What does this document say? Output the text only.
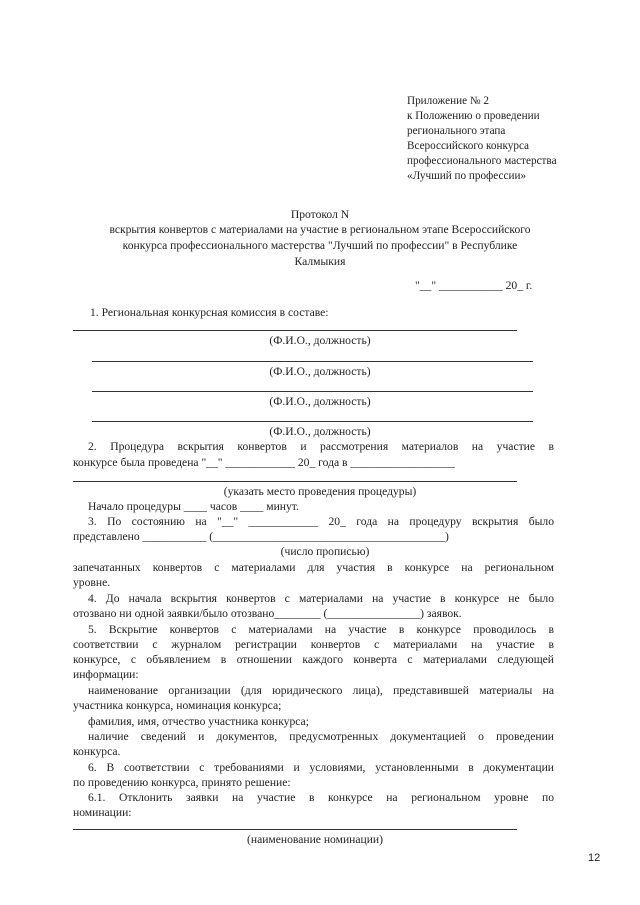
Приложение № 2
к Положению о проведении
регионального этапа
Всероссийского конкурса
профессионального мастерства
«Лучший по профессии»
Протокол N
вскрытия конвертов с материалами на участие в региональном этапе Всероссийского
конкурса профессионального мастерства "Лучший по профессии" в Республике
Калмыкия
"__" ___________ 20_ г.
1. Региональная конкурсная комиссия в составе:
(Ф.И.О., должность)
(Ф.И.О., должность)
(Ф.И.О., должность)
(Ф.И.О., должность)
2. Процедура вскрытия конвертов и рассмотрения материалов на участие в
конкурсе была проведена "__" ____________ 20_ года в __________________
(указать место проведения процедуры)
Начало процедуры ____ часов ____ минут.
3. По состоянию на "__" ____________ 20_ года на процедуру вскрытия было
представлено ___________ (________________________________________)
(число прописью)
запечатанных конвертов с материалами для участия в конкурсе на региональном
уровне.
4. До начала вскрытия конвертов с материалами на участие в конкурсе не было
отозвано ни одной заявки/было отозвано________ (________________) заявок.
5. Вскрытие конвертов с материалами на участие в конкурсе проводилось в
соответствии с журналом регистрации конвертов с материалами на участие в
конкурсе, с объявлением в отношении каждого конверта с материалами следующей
информации:
наименование организации (для юридического лица), представившей материалы на
участника конкурса, номинация конкурса;
фамилия, имя, отчество участника конкурса;
наличие сведений и документов, предусмотренных документацией о проведении
конкурса.
6. В соответствии с требованиями и условиями, установленными в документации
по проведению конкурса, принято решение:
6.1. Отклонить заявки на участие в конкурсе на региональном уровне по
номинации:
(наименование номинации)
12
